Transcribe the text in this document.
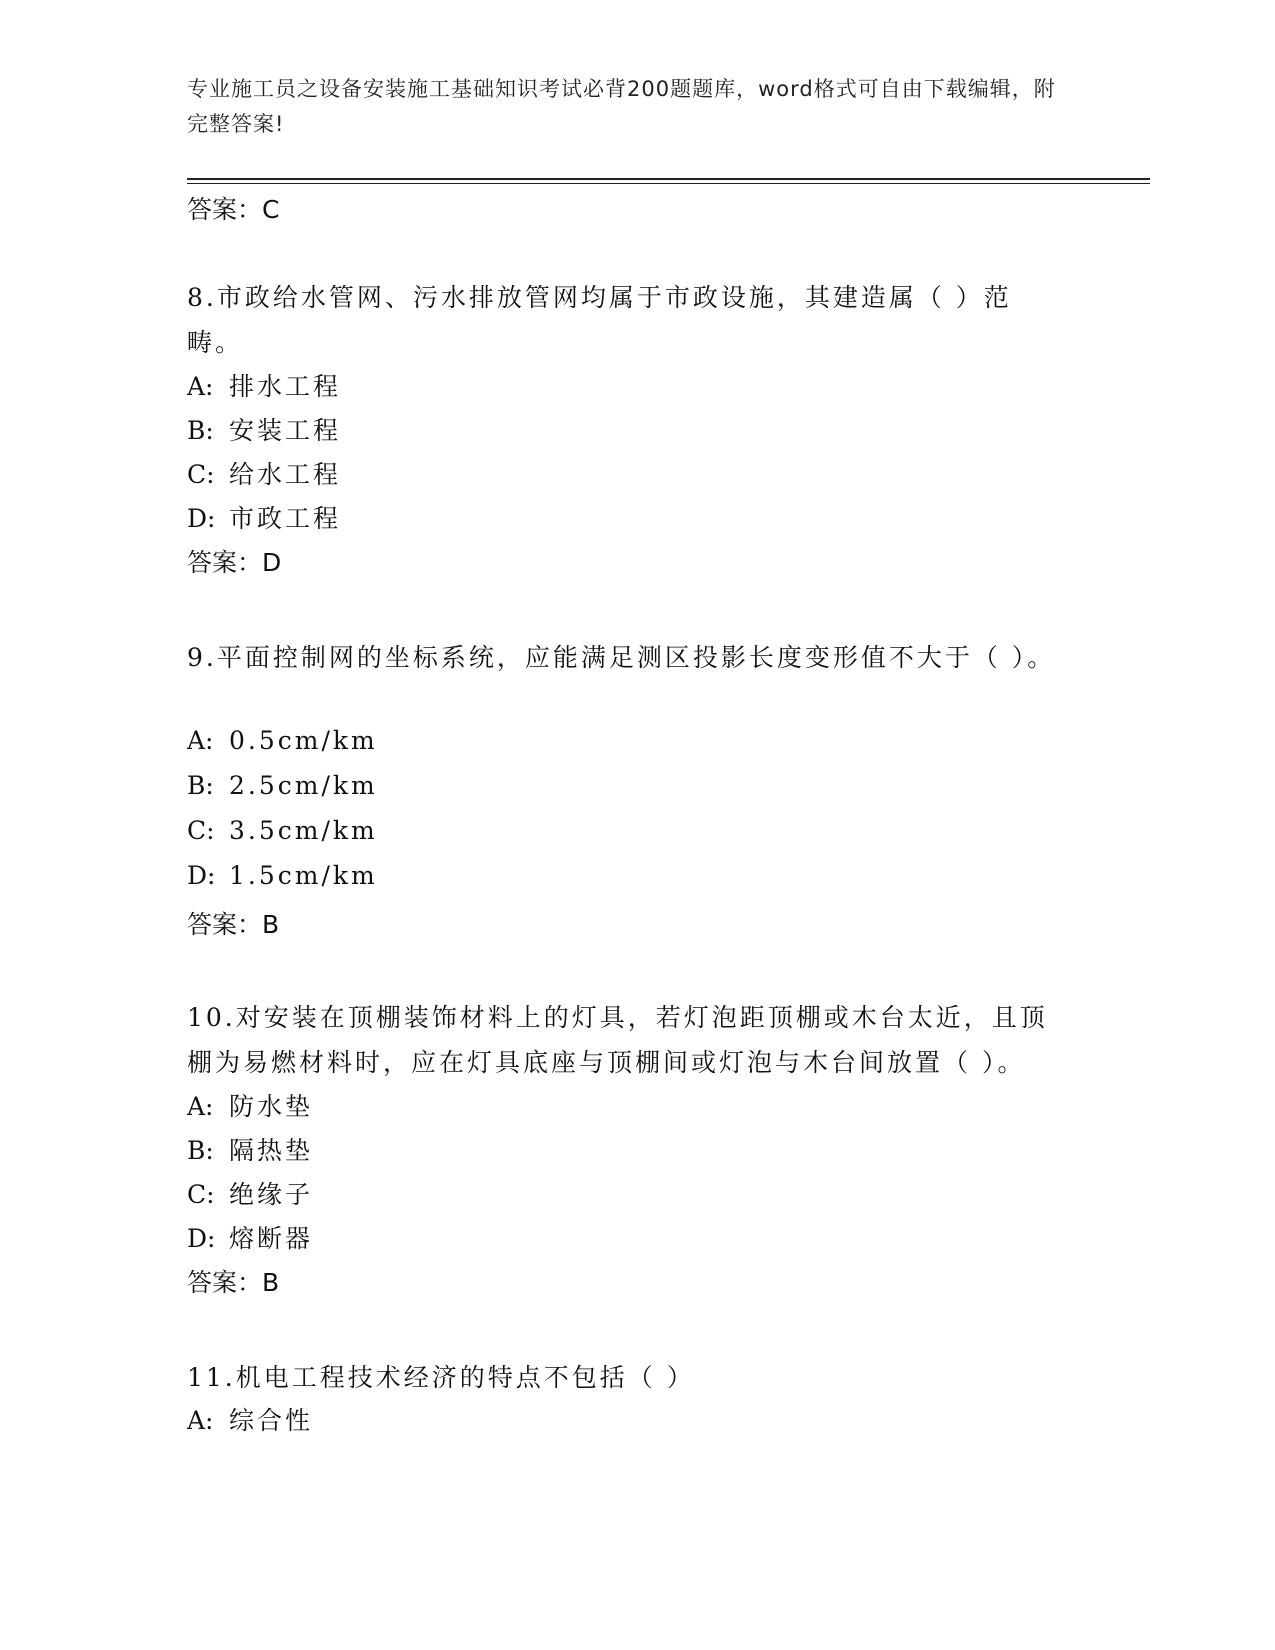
专业施工员之设备安装施工基础知识考试必背200题题库，word格式可自由下载编辑，附完整答案!
答案：C
8.市政给水管网、污水排放管网均属于市政设施，其建造属（ ）范畴。
A: 排水工程
B: 安装工程
C: 给水工程
D: 市政工程
答案：D
9.平面控制网的坐标系统，应能满足测区投影长度变形值不大于（ ）。
A: 0.5cm/km
B: 2.5cm/km
C: 3.5cm/km
D: 1.5cm/km
答案：B
10.对安装在顶棚装饰材料上的灯具，若灯泡距顶棚或木台太近，且顶棚为易燃材料时，应在灯具底座与顶棚间或灯泡与木台间放置（ ）。
A: 防水垫
B: 隔热垫
C: 绝缘子
D: 熔断器
答案：B
11.机电工程技术经济的特点不包括（ ）
A: 综合性
